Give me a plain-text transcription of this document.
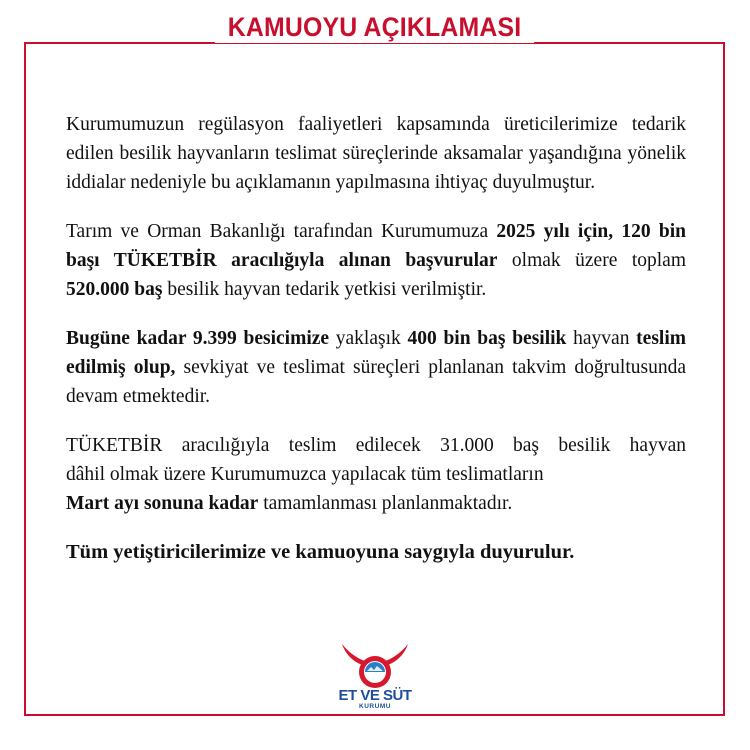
KAMUOYU AÇIKLAMASI

Kurumumuzun regülasyon faaliyetleri kapsamında üreticilerimize tedarik edilen besilik hayvanların teslimat süreçlerinde aksamalar yaşandığına yönelik iddialar nedeniyle bu açıklamanın yapılmasına ihtiyaç duyulmuştur.

Tarım ve Orman Bakanlığı tarafından Kurumumuza 2025 yılı için, 120 bin başı TÜKETBİR aracılığıyla alınan başvurular olmak üzere toplam 520.000 baş besilik hayvan tedarik yetkisi verilmiştir.

Bugüne kadar 9.399 besicimize yaklaşık 400 bin baş besilik hayvan teslim edilmiş olup, sevkiyat ve teslimat süreçleri planlanan takvim doğrultusunda devam etmektedir.

TÜKETBİR aracılığıyla teslim edilecek 31.000 baş besilik hayvan
dâhil olmak üzere Kurumumuzca yapılacak tüm teslimatların
Mart ayı sonuna kadar tamamlanması planlanmaktadır.

Tüm yetiştiricilerimize ve kamuoyuna saygıyla duyurulur.

ET VE SÜT
KURUMU
